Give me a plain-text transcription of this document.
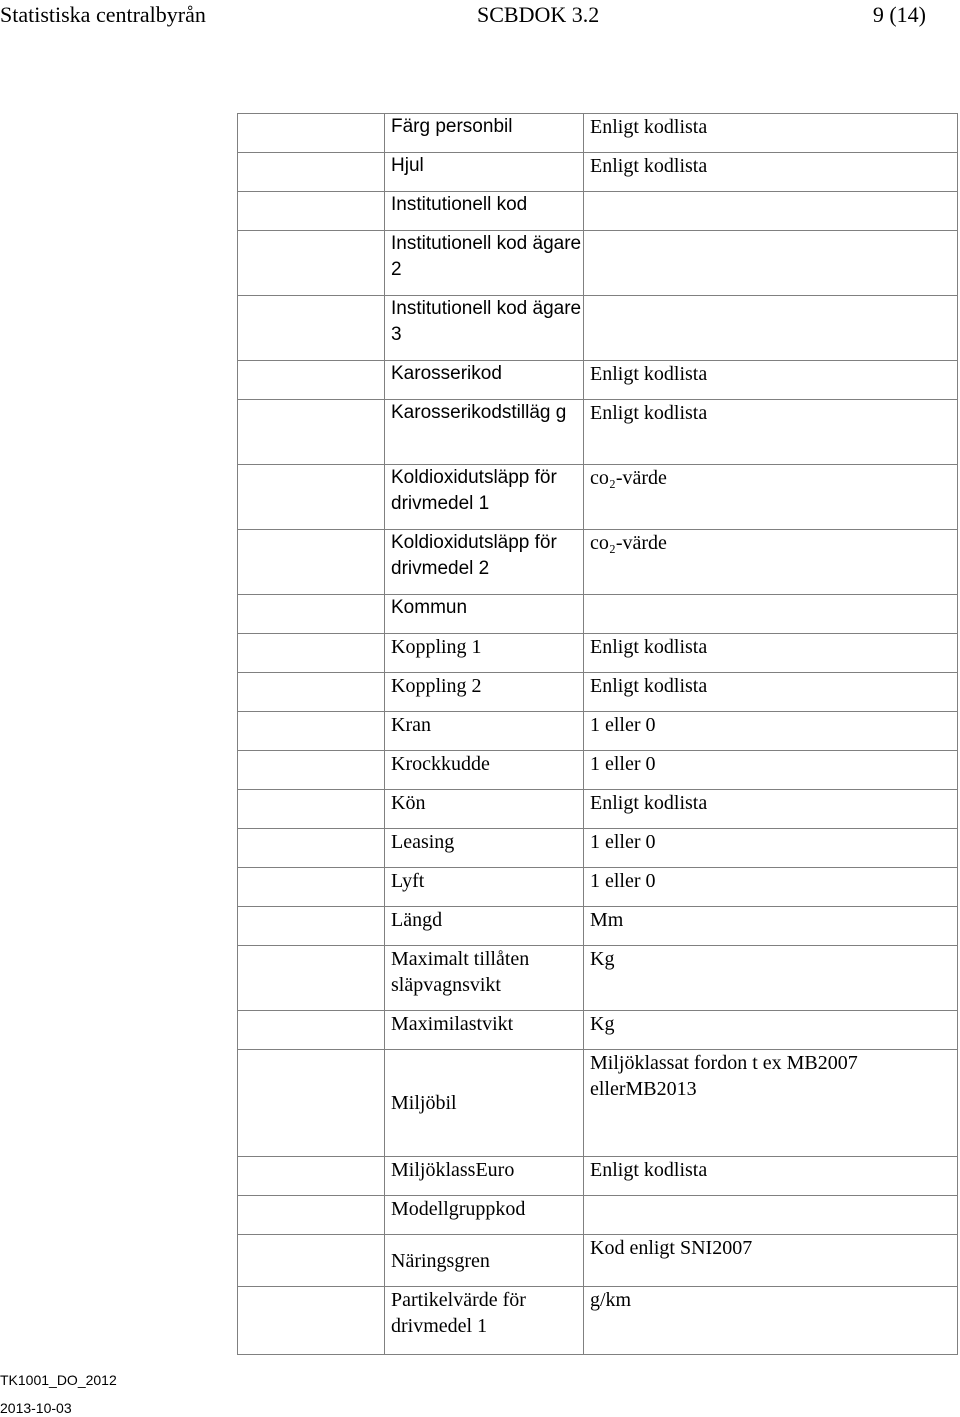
Statistiska centralbyrån	SCBDOK 3.2	9 (14)
	Färg personbil	Enligt kodlista
	Hjul	Enligt kodlista
	Institutionell kod	
	Institutionell kod ägare 2	
	Institutionell kod ägare 3	
	Karosserikod	Enligt kodlista
	Karosserikodstilläg g	Enligt kodlista
	Koldioxidutsläpp för drivmedel 1	co₂-värde
	Koldioxidutsläpp för drivmedel 2	co₂-värde
	Kommun	
	Koppling 1	Enligt kodlista
	Koppling 2	Enligt kodlista
	Kran	1 eller 0
	Krockkudde	1 eller 0
	Kön	Enligt kodlista
	Leasing	1 eller 0
	Lyft	1 eller 0
	Längd	Mm
	Maximalt tillåten släpvagnsvikt	Kg
	Maximilastvikt	Kg
	Miljöbil	Miljöklassat fordon t ex MB2007 ellerMB2013
	MiljöklassEuro	Enligt kodlista
	Modellgruppkod	
	Näringsgren	Kod enligt SNI2007
	Partikelvärde för drivmedel 1	g/km
TK1001_DO_2012
2013-10-03
